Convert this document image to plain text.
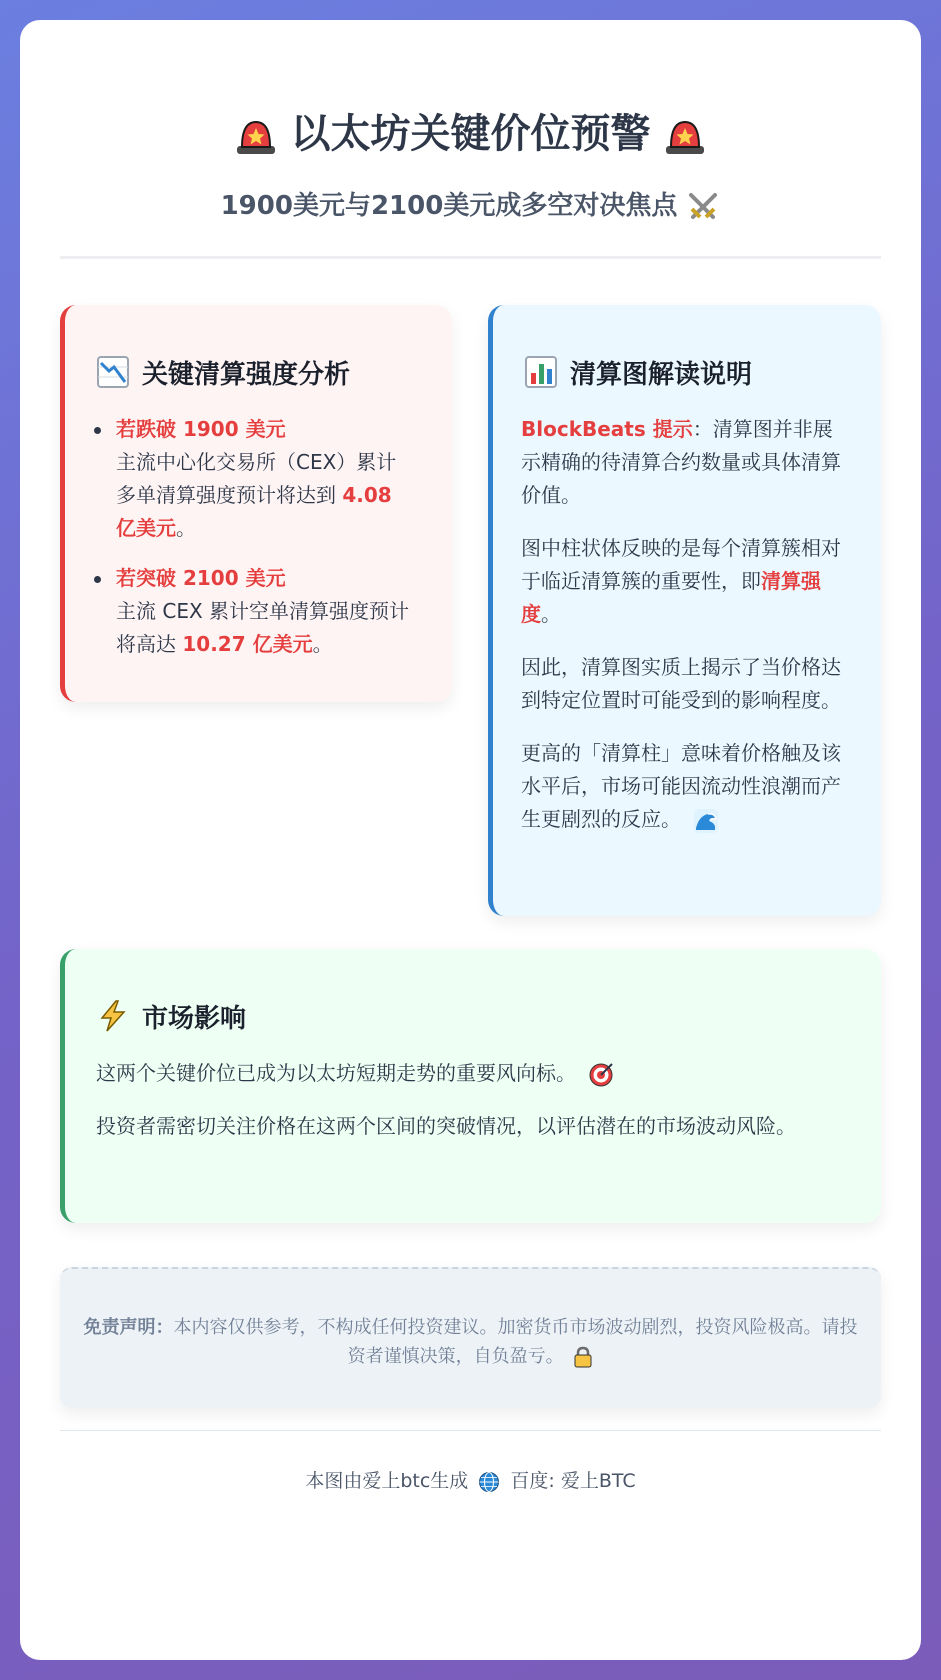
以太坊关键价位预警
1900美元与2100美元成多空对决焦点
关键清算强度分析
若跌破 1900 美元
主流中心化交易所（CEX）累计多单清算强度预计将达到 4.08 亿美元。
若突破 2100 美元
主流 CEX 累计空单清算强度预计将高达 10.27 亿美元。
清算图解读说明

BlockBeats 提示：清算图并非展示精确的待清算合约数量或具体清算价值。

图中柱状体反映的是每个清算簇相对于临近清算簇的重要性，即清算强度。

因此，清算图实质上揭示了当价格达到特定位置时可能受到的影响程度。

更高的「清算柱」意味着价格触及该水平后，市场可能因流动性浪潮而产生更剧烈的反应。

市场影响

这两个关键价位已成为以太坊短期走势的重要风向标。

投资者需密切关注价格在这两个区间的突破情况，以评估潜在的市场波动风险。

免责声明：本内容仅供参考，不构成任何投资建议。加密货币市场波动剧烈，投资风险极高。请投资者谨慎决策，自负盈亏。
本图由爱上btc生成 百度: 爱上BTC
